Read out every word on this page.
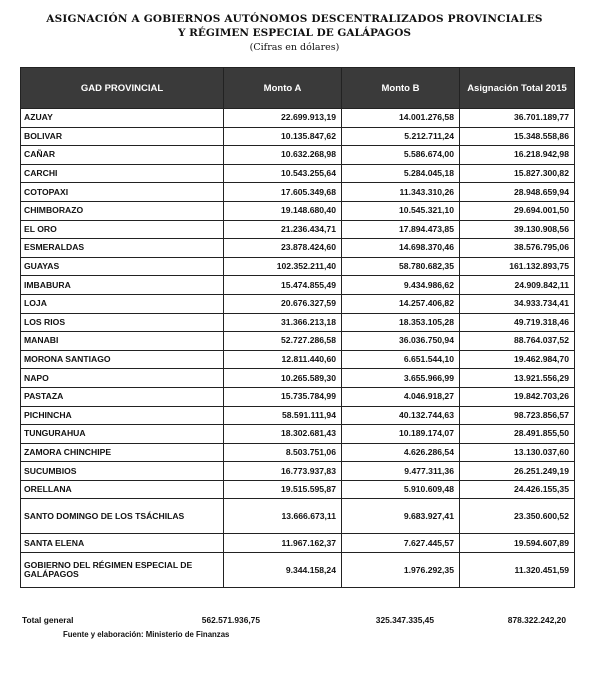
ASIGNACIÓN A GOBIERNOS AUTÓNOMOS DESCENTRALIZADOS PROVINCIALES
Y RÉGIMEN ESPECIAL DE GALÁPAGOS
(Cifras en dólares)
GAD PROVINCIAL	Monto A	Monto B	Asignación Total 2015
AZUAY	22.699.913,19	14.001.276,58	36.701.189,77
BOLIVAR	10.135.847,62	5.212.711,24	15.348.558,86
CAÑAR	10.632.268,98	5.586.674,00	16.218.942,98
CARCHI	10.543.255,64	5.284.045,18	15.827.300,82
COTOPAXI	17.605.349,68	11.343.310,26	28.948.659,94
CHIMBORAZO	19.148.680,40	10.545.321,10	29.694.001,50
EL ORO	21.236.434,71	17.894.473,85	39.130.908,56
ESMERALDAS	23.878.424,60	14.698.370,46	38.576.795,06
GUAYAS	102.352.211,40	58.780.682,35	161.132.893,75
IMBABURA	15.474.855,49	9.434.986,62	24.909.842,11
LOJA	20.676.327,59	14.257.406,82	34.933.734,41
LOS RIOS	31.366.213,18	18.353.105,28	49.719.318,46
MANABI	52.727.286,58	36.036.750,94	88.764.037,52
MORONA SANTIAGO	12.811.440,60	6.651.544,10	19.462.984,70
NAPO	10.265.589,30	3.655.966,99	13.921.556,29
PASTAZA	15.735.784,99	4.046.918,27	19.842.703,26
PICHINCHA	58.591.111,94	40.132.744,63	98.723.856,57
TUNGURAHUA	18.302.681,43	10.189.174,07	28.491.855,50
ZAMORA CHINCHIPE	8.503.751,06	4.626.286,54	13.130.037,60
SUCUMBIOS	16.773.937,83	9.477.311,36	26.251.249,19
ORELLANA	19.515.595,87	5.910.609,48	24.426.155,35
SANTO DOMINGO DE LOS TSÁCHILAS	13.666.673,11	9.683.927,41	23.350.600,52
SANTA ELENA	11.967.162,37	7.627.445,57	19.594.607,89
GOBIERNO DEL RÉGIMEN ESPECIAL DE GALÁPAGOS	9.344.158,24	1.976.292,35	11.320.451,59
Total general	562.571.936,75	325.347.335,45	878.322.242,20
Fuente y elaboración: Ministerio de Finanzas
